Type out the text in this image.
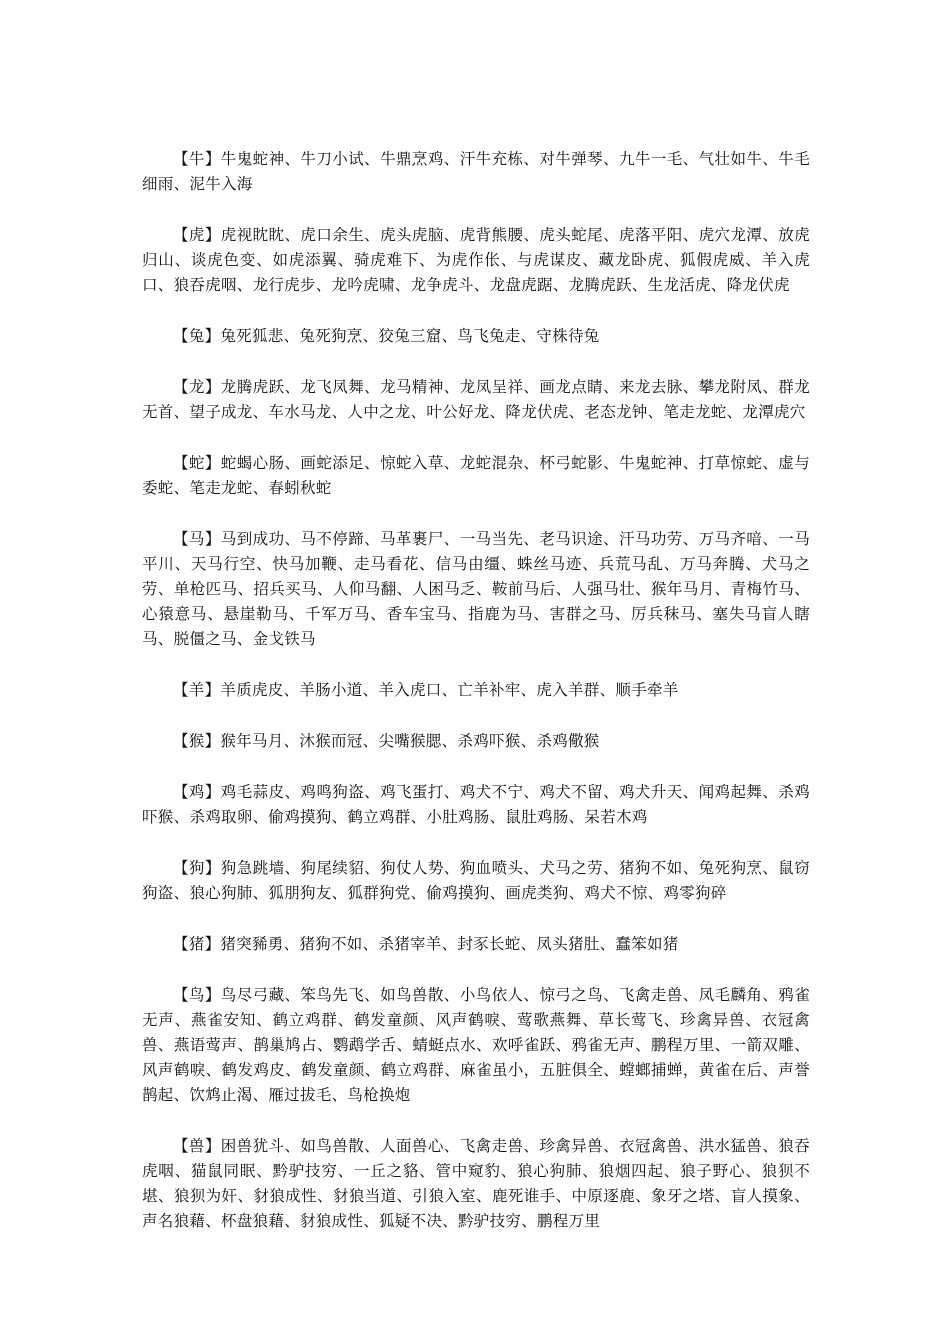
【牛】牛鬼蛇神、牛刀小试、牛鼎烹鸡、汗牛充栋、对牛弹琴、九牛一毛、气壮如牛、牛毛细雨、泥牛入海

【虎】虎视眈眈、虎口余生、虎头虎脑、虎背熊腰、虎头蛇尾、虎落平阳、虎穴龙潭、放虎归山、谈虎色变、如虎添翼、骑虎难下、为虎作伥、与虎谋皮、藏龙卧虎、狐假虎威、羊入虎口、狼吞虎咽、龙行虎步、龙吟虎啸、龙争虎斗、龙盘虎踞、龙腾虎跃、生龙活虎、降龙伏虎

【兔】兔死狐悲、兔死狗烹、狡兔三窟、鸟飞兔走、守株待兔

【龙】龙腾虎跃、龙飞凤舞、龙马精神、龙凤呈祥、画龙点睛、来龙去脉、攀龙附凤、群龙无首、望子成龙、车水马龙、人中之龙、叶公好龙、降龙伏虎、老态龙钟、笔走龙蛇、龙潭虎穴

【蛇】蛇蝎心肠、画蛇添足、惊蛇入草、龙蛇混杂、杯弓蛇影、牛鬼蛇神、打草惊蛇、虚与委蛇、笔走龙蛇、春蚓秋蛇

【马】马到成功、马不停蹄、马革裹尸、一马当先、老马识途、汗马功劳、万马齐喑、一马平川、天马行空、快马加鞭、走马看花、信马由缰、蛛丝马迹、兵荒马乱、万马奔腾、犬马之劳、单枪匹马、招兵买马、人仰马翻、人困马乏、鞍前马后、人强马壮、猴年马月、青梅竹马、心猿意马、悬崖勒马、千军万马、香车宝马、指鹿为马、害群之马、厉兵秣马、塞失马盲人瞎马、脱僵之马、金戈铁马

【羊】羊质虎皮、羊肠小道、羊入虎口、亡羊补牢、虎入羊群、顺手牵羊

【猴】猴年马月、沐猴而冠、尖嘴猴腮、杀鸡吓猴、杀鸡儆猴

【鸡】鸡毛蒜皮、鸡鸣狗盗、鸡飞蛋打、鸡犬不宁、鸡犬不留、鸡犬升天、闻鸡起舞、杀鸡吓猴、杀鸡取卵、偷鸡摸狗、鹤立鸡群、小肚鸡肠、鼠肚鸡肠、呆若木鸡

【狗】狗急跳墙、狗尾续貂、狗仗人势、狗血喷头、犬马之劳、猪狗不如、兔死狗烹、鼠窃狗盗、狼心狗肺、狐朋狗友、狐群狗党、偷鸡摸狗、画虎类狗、鸡犬不惊、鸡零狗碎

【猪】猪突豨勇、猪狗不如、杀猪宰羊、封豕长蛇、凤头猪肚、蠢笨如猪

【鸟】鸟尽弓藏、笨鸟先飞、如鸟兽散、小鸟依人、惊弓之鸟、飞禽走兽、凤毛麟角、鸦雀无声、燕雀安知、鹤立鸡群、鹤发童颜、风声鹤唳、莺歌燕舞、草长莺飞、珍禽异兽、衣冠禽兽、燕语莺声、鹊巢鸠占、鹦鹉学舌、蜻蜓点水、欢呼雀跃、鸦雀无声、鹏程万里、一箭双雕、风声鹤唳、鹤发鸡皮、鹤发童颜、鹤立鸡群、麻雀虽小，五脏俱全、螳螂捕蝉，黄雀在后、声誉鹊起、饮鸩止渴、雁过拔毛、鸟枪换炮

【兽】困兽犹斗、如鸟兽散、人面兽心、飞禽走兽、珍禽异兽、衣冠禽兽、洪水猛兽、狼吞虎咽、猫鼠同眠、黔驴技穷、一丘之貉、管中窥豹、狼心狗肺、狼烟四起、狼子野心、狼狈不堪、狼狈为奸、豺狼成性、豺狼当道、引狼入室、鹿死谁手、中原逐鹿、象牙之塔、盲人摸象、声名狼藉、杯盘狼藉、豺狼成性、狐疑不决、黔驴技穷、鹏程万里
